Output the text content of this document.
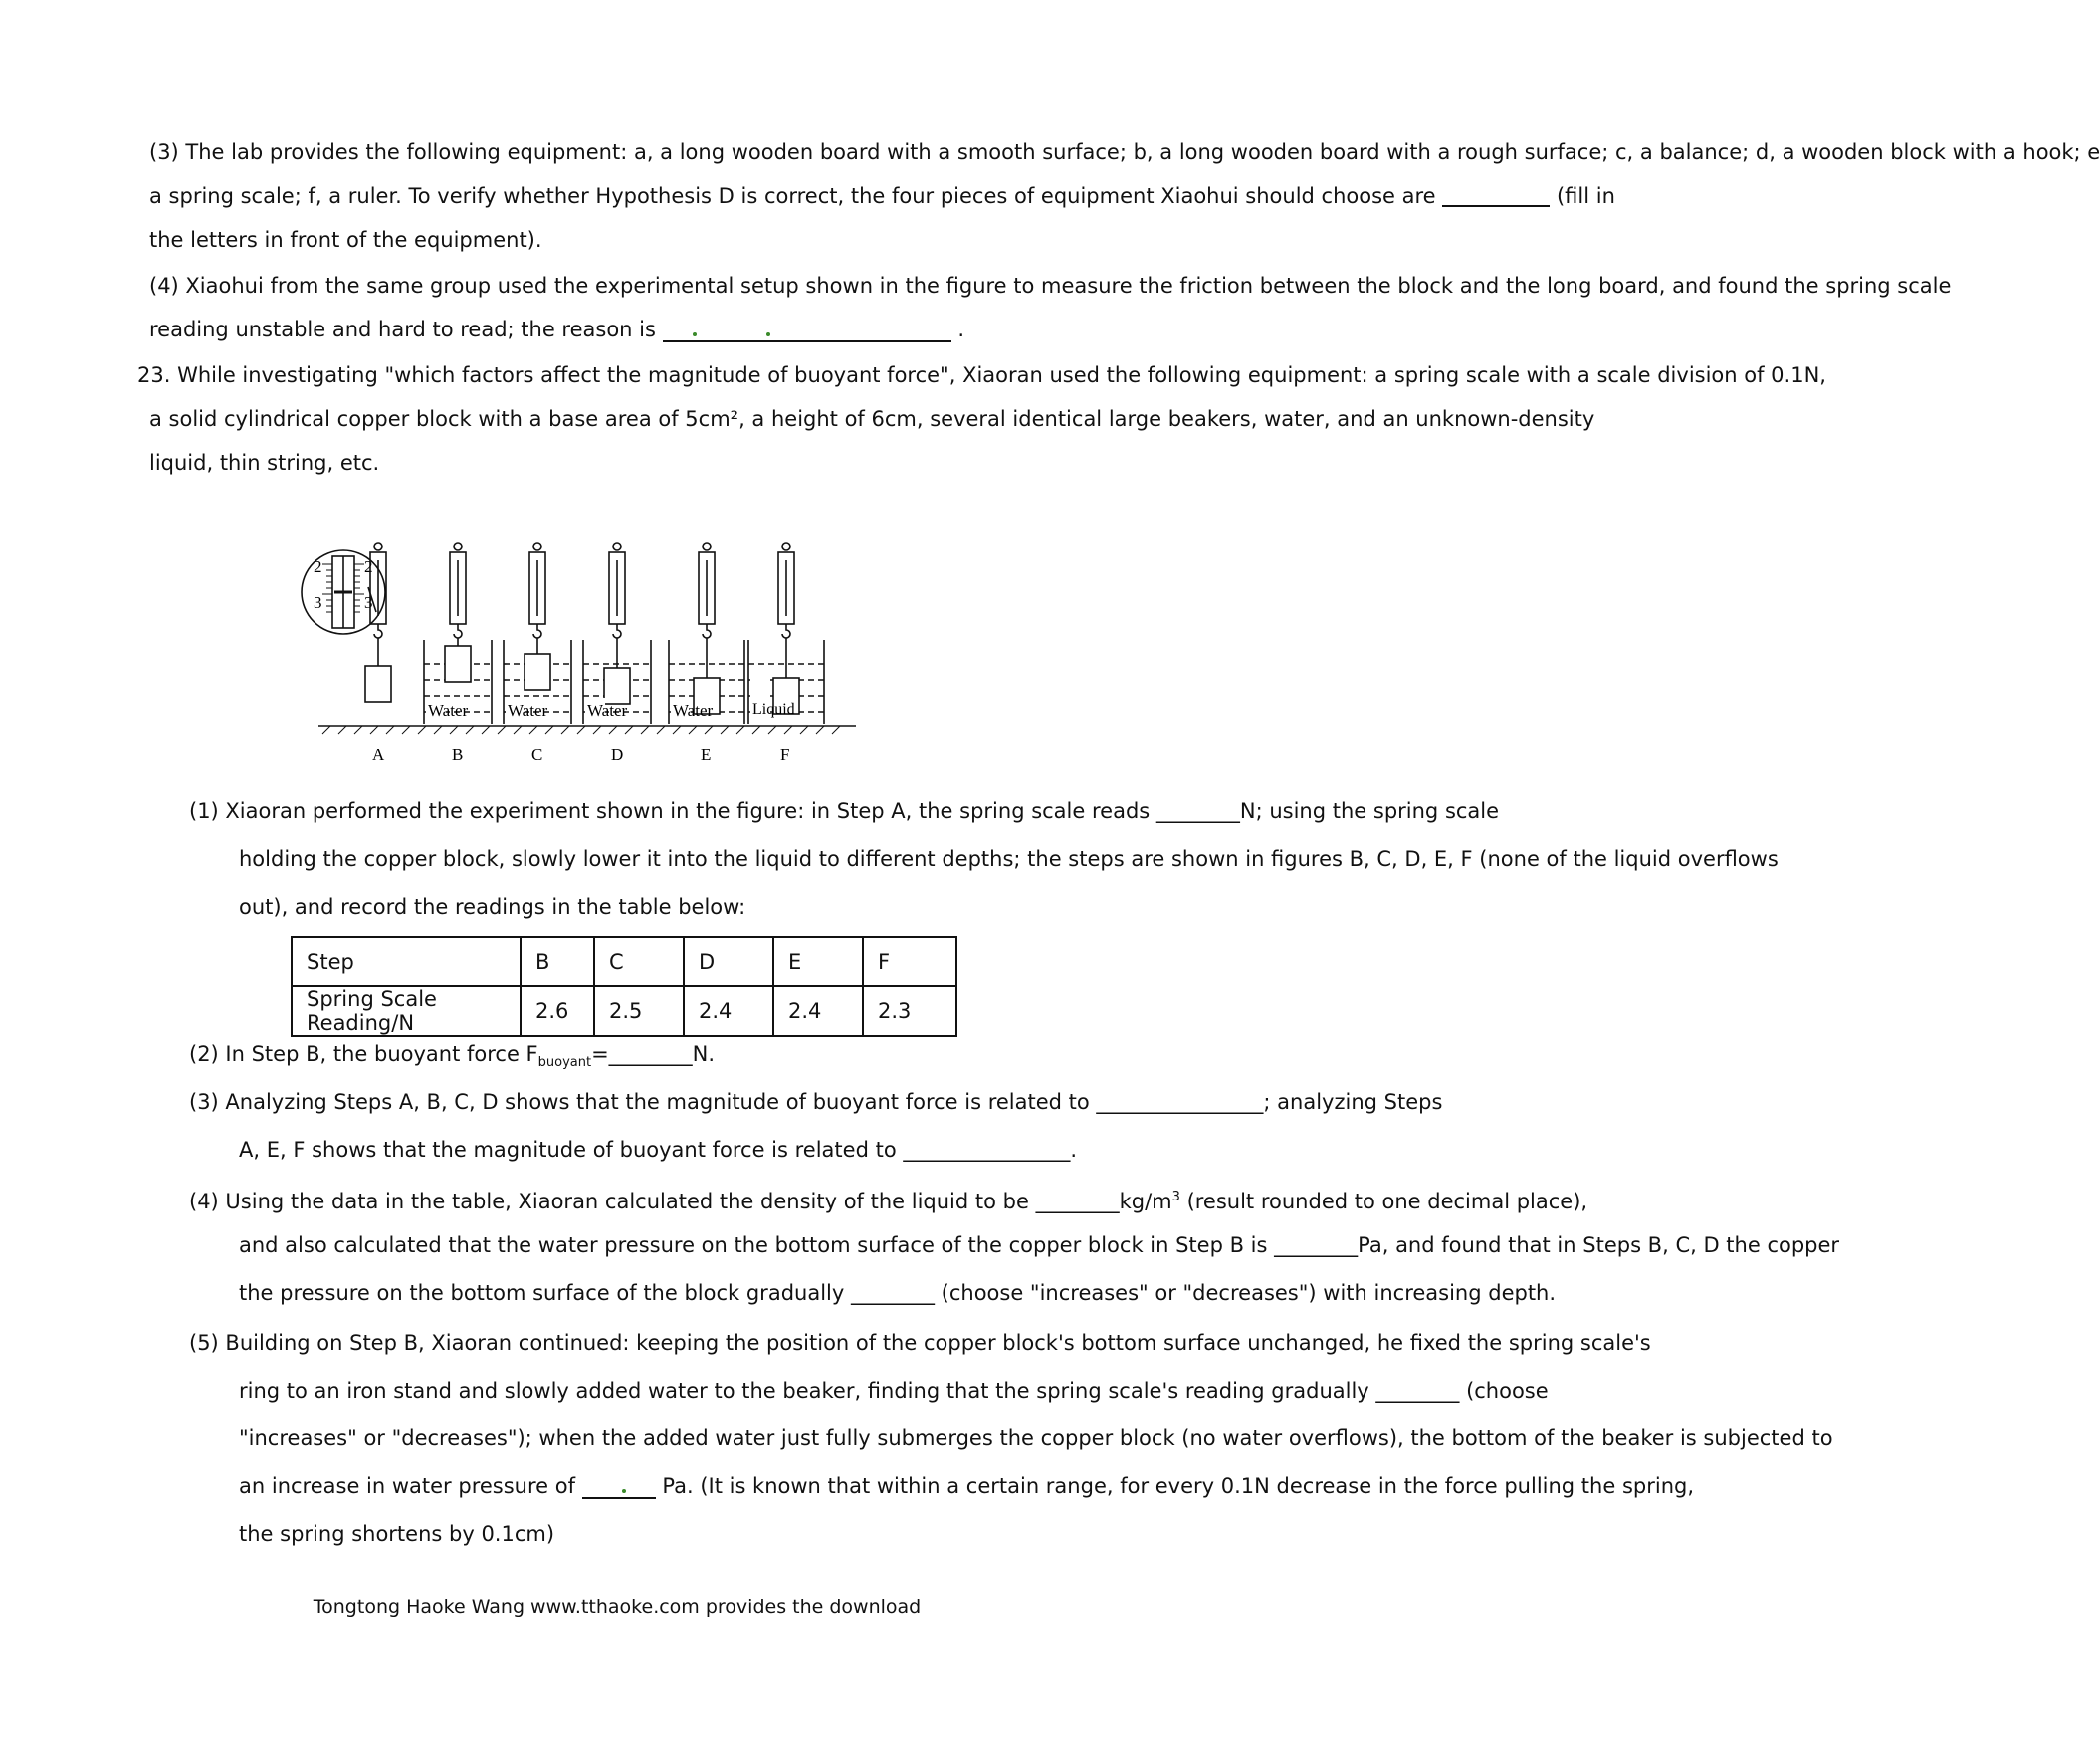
(3) The lab provides the following equipment: a, a long wooden board with a smooth surface; b, a long wooden board with a rough surface; c, a balance; d, a wooden block with a hook; e
a spring scale; f, a ruler. To verify whether Hypothesis D is correct, the four pieces of equipment Xiaohui should choose are	(fill in
the letters in front of the equipment).
(4) Xiaohui from the same group used the experimental setup shown in the figure to measure the friction between the block and the long board, and found the spring scale
reading unstable and hard to read; the reason is	.
23. While investigating "which factors affect the magnitude of buoyant force", Xiaoran used the following equipment: a spring scale with a scale division of 0.1N,
a solid cylindrical copper block with a base area of 5cm², a height of 6cm, several identical large beakers, water, and an unknown-density
liquid, thin string, etc.
2	2
3	3
Water Water Water	Water Liquid
A	B	C	D	E	F
(1) Xiaoran performed the experiment shown in the figure: in Step A, the spring scale reads ________N; using the spring scale
holding the copper block, slowly lower it into the liquid to different depths; the steps are shown in figures B, C, D, E, F (none of the liquid overflows
out), and record the readings in the table below:
Step	B	C	D	E	F
Spring Scale Reading/N	2.6	2.5	2.4	2.4	2.3
(2) In Step B, the buoyant force $F_{buoyant}=\_\_\_\_\_\_\_\_N$.
(3) Analyzing Steps A, B, C, D shows that the magnitude of buoyant force is related to ________________; analyzing Steps
A, E, F shows that the magnitude of buoyant force is related to ________________.
(4) Using the data in the table, Xiaoran calculated the density of the liquid to be $\_\_\_\_\_\_\_\_kg/m^3$ (result rounded to one decimal place),
and also calculated that the water pressure on the bottom surface of the copper block in Step B is ________Pa, and found that in Steps B, C, D the copper
the pressure on the bottom surface of the block gradually ________ (choose "increases" or "decreases") with increasing depth.
(5) Building on Step B, Xiaoran continued: keeping the position of the copper block's bottom surface unchanged, he fixed the spring scale's
ring to an iron stand and slowly added water to the beaker, finding that the spring scale's reading gradually ________ (choose
"increases" or "decreases"); when the added water just fully submerges the copper block (no water overflows), the bottom of the beaker is subjected to
an increase in water pressure of	Pa. (It is known that within a certain range, for every 0.1N decrease in the force pulling the spring,
the spring shortens by 0.1cm)
Tongtong Haoke Wang www.tthaoke.com provides the download
